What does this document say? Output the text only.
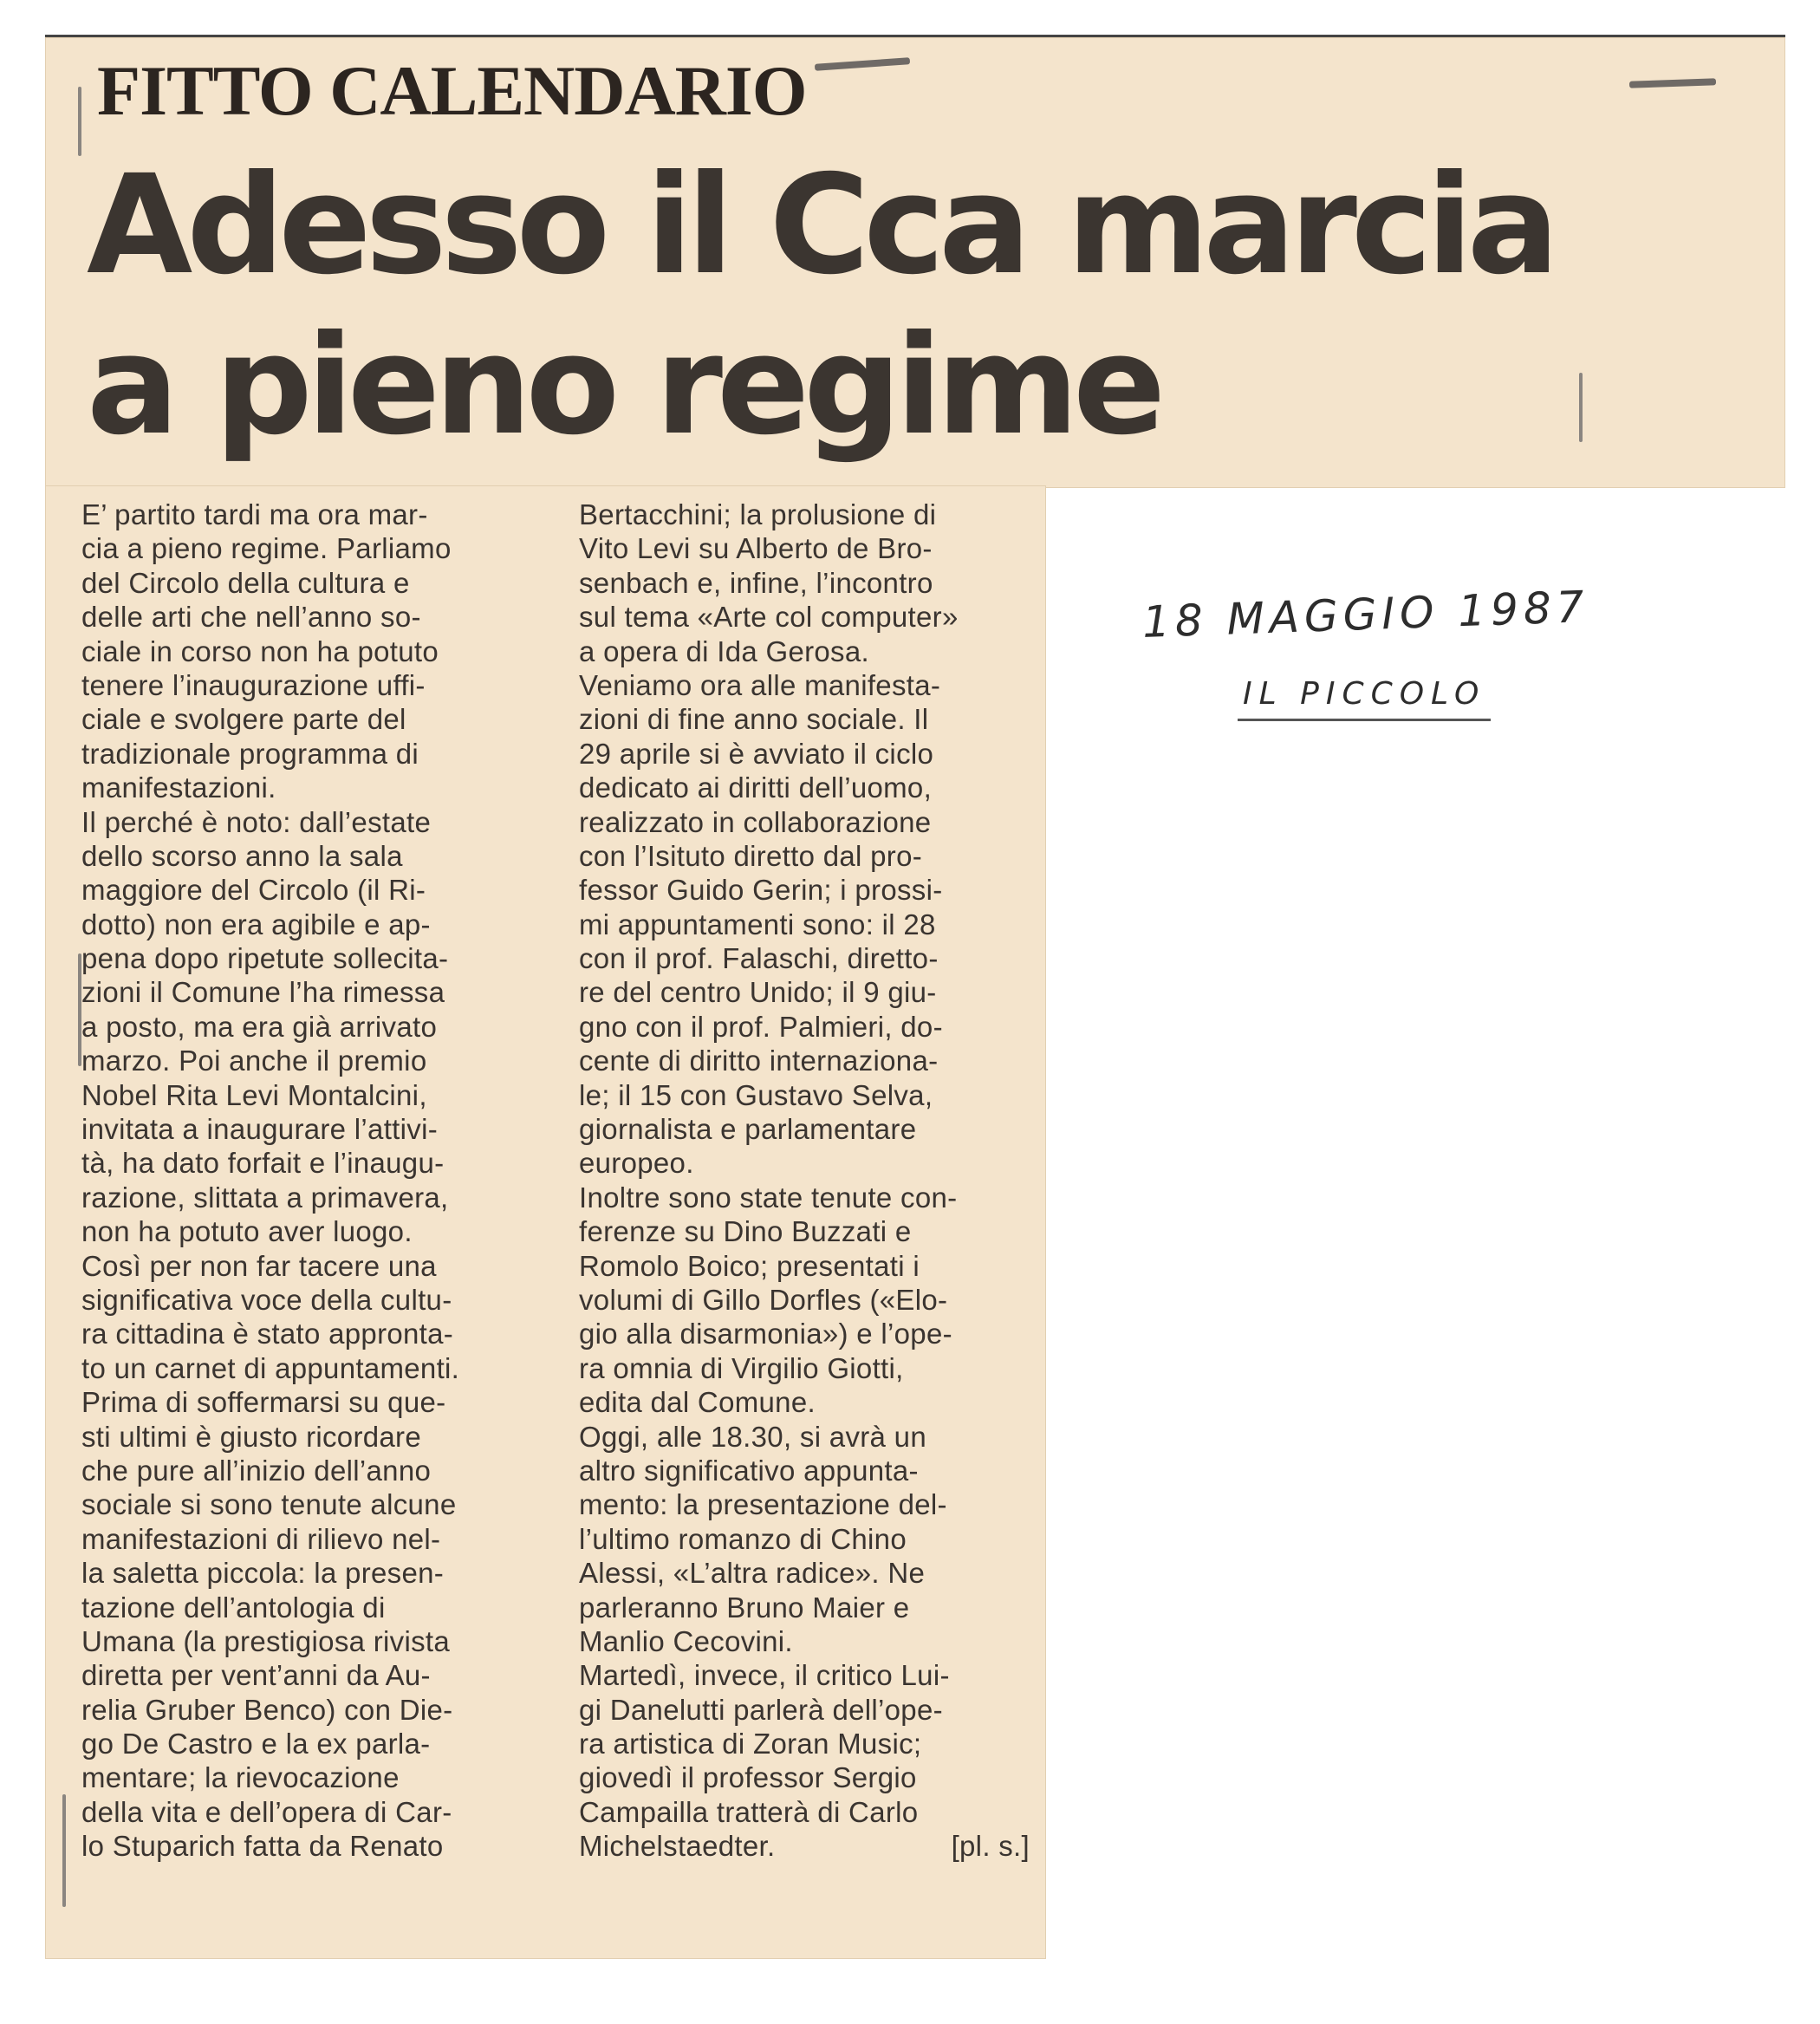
FITTO CALENDARIO
Adesso il Cca marcia
a pieno regime
E’ partito tardi ma ora mar-
cia a pieno regime. Parliamo
del Circolo della cultura e
delle arti che nell’anno so-
ciale in corso non ha potuto
tenere l’inaugurazione uffi-
ciale e svolgere parte del
tradizionale programma di
manifestazioni.
Il perché è noto: dall’estate
dello scorso anno la sala
maggiore del Circolo (il Ri-
dotto) non era agibile e ap-
pena dopo ripetute sollecita-
zioni il Comune l’ha rimessa
a posto, ma era già arrivato
marzo. Poi anche il premio
Nobel Rita Levi Montalcini,
invitata a inaugurare l’attivi-
tà, ha dato forfait e l’inaugu-
razione, slittata a primavera,
non ha potuto aver luogo.
Così per non far tacere una
significativa voce della cultu-
ra cittadina è stato approntа-
to un carnet di appuntamenti.
Prima di soffermarsi su que-
sti ultimi è giusto ricordare
che pure all’inizio dell’anno
sociale si sono tenute alcune
manifestazioni di rilievo nel-
la saletta piccola: la presen-
tazione dell’antologia di
Umana (la prestigiosa rivista
diretta per vent’anni da Au-
relia Gruber Benco) con Die-
go De Castro e la ex parla-
mentare; la rievocazione
della vita e dell’opera di Car-
lo Stuparich fatta da Renato
Bertacchini; la prolusione di
Vito Levi su Alberto de Bro-
senbach e, infine, l’incontro
sul tema «Arte col computer»
a opera di Ida Gerosa.
Veniamo ora alle manifesta-
zioni di fine anno sociale. Il
29 aprile si è avviato il ciclo
dedicato ai diritti dell’uomo,
realizzato in collaborazione
con l’Isituto diretto dal pro-
fessor Guido Gerin; i prossi-
mi appuntamenti sono: il 28
con il prof. Falaschi, diretto-
re del centro Unido; il 9 giu-
gno con il prof. Palmieri, do-
cente di diritto internaziona-
le; il 15 con Gustavo Selva,
giornalista e parlamentare
europeo.
Inoltre sono state tenute con-
ferenze su Dino Buzzati e
Romolo Boico; presentati i
volumi di Gillo Dorfles («Elo-
gio alla disarmonia») e l’ope-
ra omnia di Virgilio Giotti,
edita dal Comune.
Oggi, alle 18.30, si avrà un
altro significativo appunta-
mento: la presentazione del-
l’ultimo romanzo di Chino
Alessi, «L’altra radice». Ne
parleranno Bruno Maier e
Manlio Cecovini.
Martedì, invece, il critico Lui-
gi Danelutti parlerà dell’ope-
ra artistica di Zoran Music;
giovedì il professor Sergio
Campailla tratterà di Carlo
Michelstaedter.	[pl. s.]
18 MAGGIO 1987
IL PICCOLO
